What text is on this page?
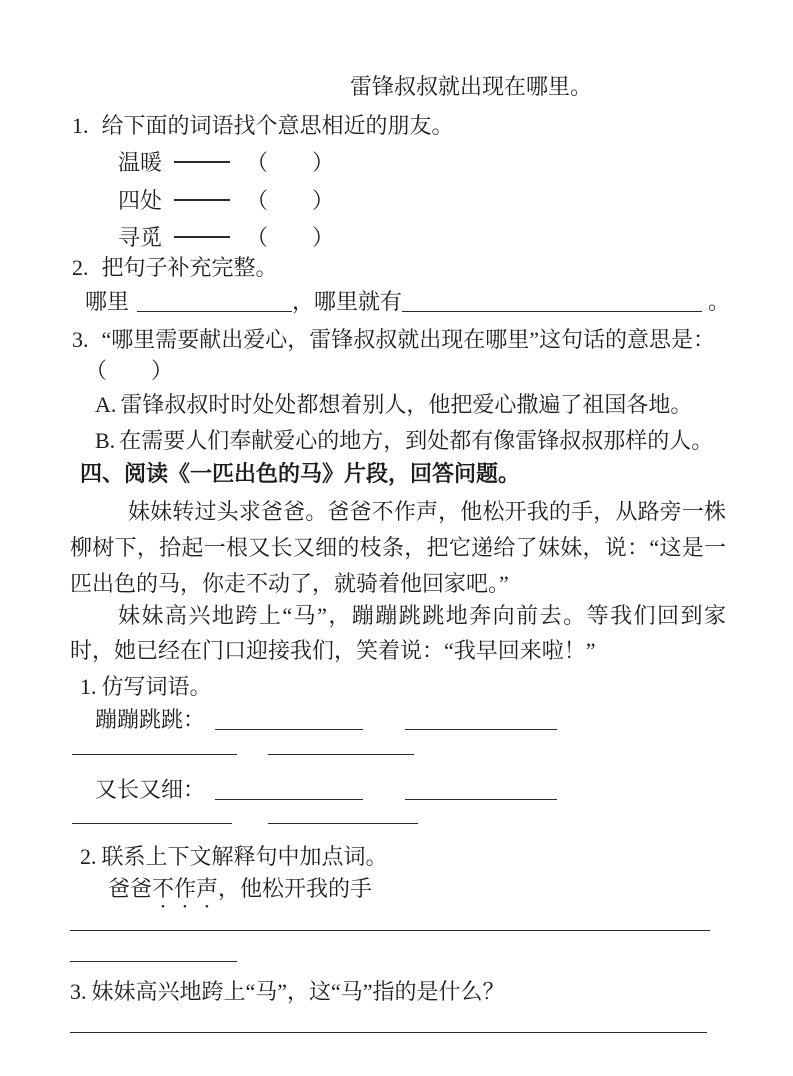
雷锋叔叔就出现在哪里。
1. 给下面的词语找个意思相近的朋友。
温暖	（　　）
四处	（　　）
寻觅	（　　）
2. 把句子补充完整。
哪里	，哪里就有	。
3. “哪里需要献出爱心，雷锋叔叔就出现在哪里”这句话的意思是：
（　　）
A. 雷锋叔叔时时处处都想着别人，他把爱心撒遍了祖国各地。
B. 在需要人们奉献爱心的地方，到处都有像雷锋叔叔那样的人。
四、阅读《一匹出色的马》片段，回答问题。
妹妹转过头求爸爸。爸爸不作声，他松开我的手，从路旁一株柳树下，拾起一根又长又细的枝条，把它递给了妹妹，说：“这是一匹出色的马，你走不动了，就骑着他回家吧。”
妹妹高兴地跨上“马”，蹦蹦跳跳地奔向前去。等我们回到家时，她已经在门口迎接我们，笑着说：“我早回来啦！”
1. 仿写词语。
蹦蹦跳跳：
又长又细：
2. 联系上下文解释句中加点词。
爸爸不作声，他松开我的手
3. 妹妹高兴地跨上“马”，这“马”指的是什么？
